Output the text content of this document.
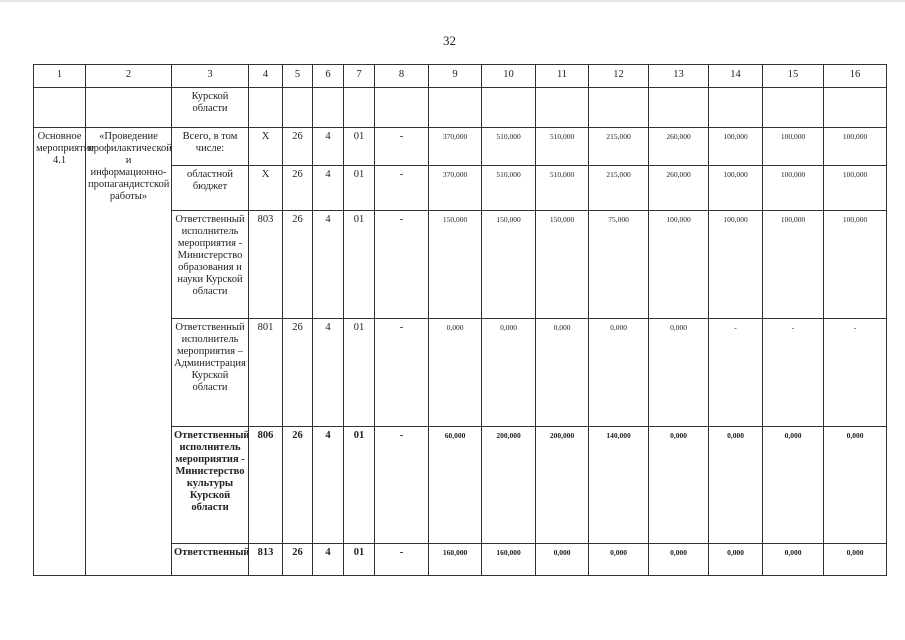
32
1	2	3	4	5	6	7	8	9	10	11	12	13	14	15	16
		Курской области													
Основное мероприятие 4.1	«Проведение профилактической и информационно-пропагандистской работы»	Всего, в том числе:	Х	26	4	01	-	370,000	510,000	510,000	215,000	260,000	100,000	100,000	100,000
		областной бюджет	Х	26	4	01	-	370,000	510,000	510,000	215,000	260,000	100,000	100,000	100,000
		Ответственный исполнитель мероприятия - Министерство образования и науки Курской области	803	26	4	01	-	150,000	150,000	150,000	75,000	100,000	100,000	100,000	100,000
		Ответственный исполнитель мероприятия – Администрация Курской области	801	26	4	01	-	0,000	0,000	0,000	0,000	0,000	-	-	-
		Ответственный исполнитель мероприятия - Министерство культуры Курской области	806	26	4	01	-	60,000	200,000	200,000	140,000	0,000	0,000	0,000	0,000
		Ответственный	813	26	4	01	-	160,000	160,000	0,000	0,000	0,000	0,000	0,000	0,000
